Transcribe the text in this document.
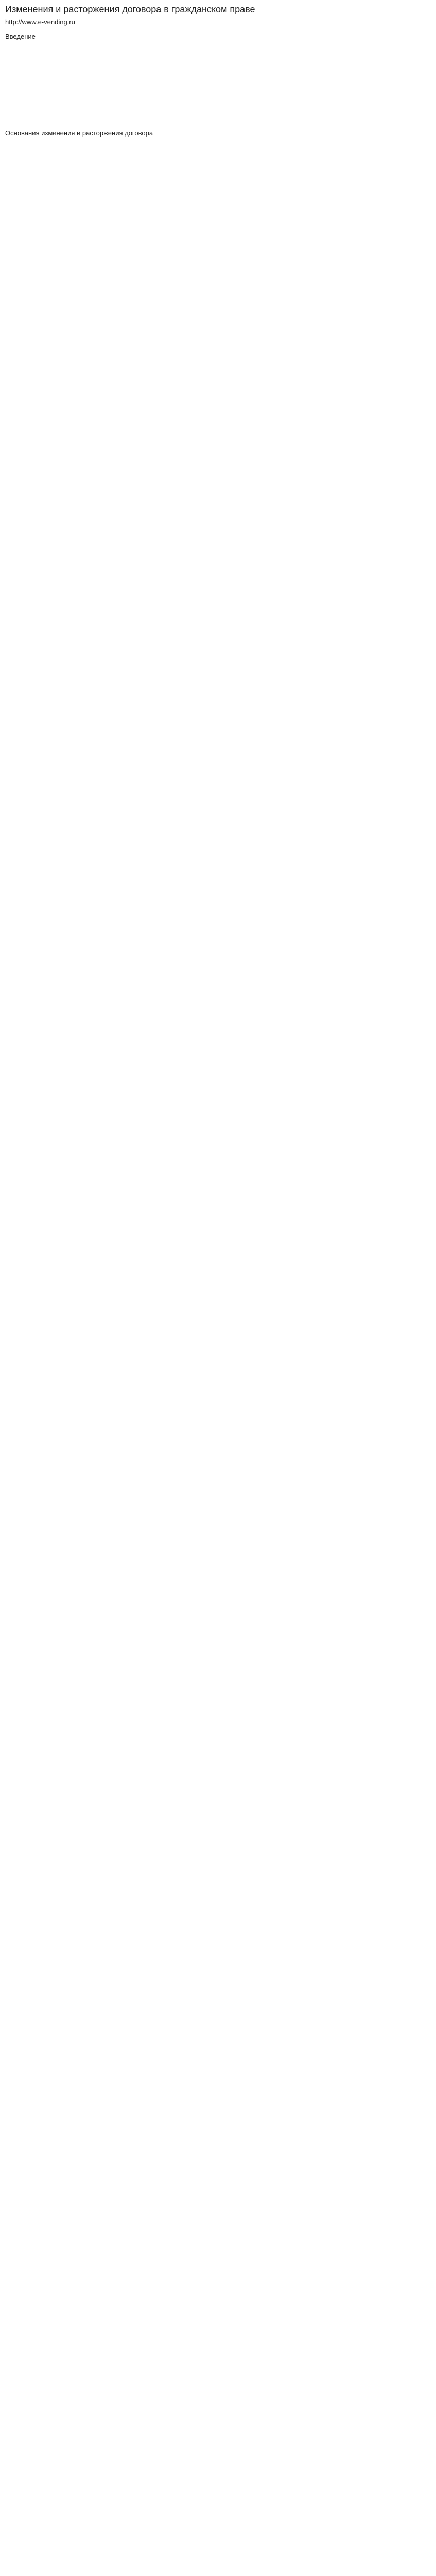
Изменения и расторжения договора в гражданском праве
http://www.e-vending.ru
Введение

Основания изменения и расторжения договора
